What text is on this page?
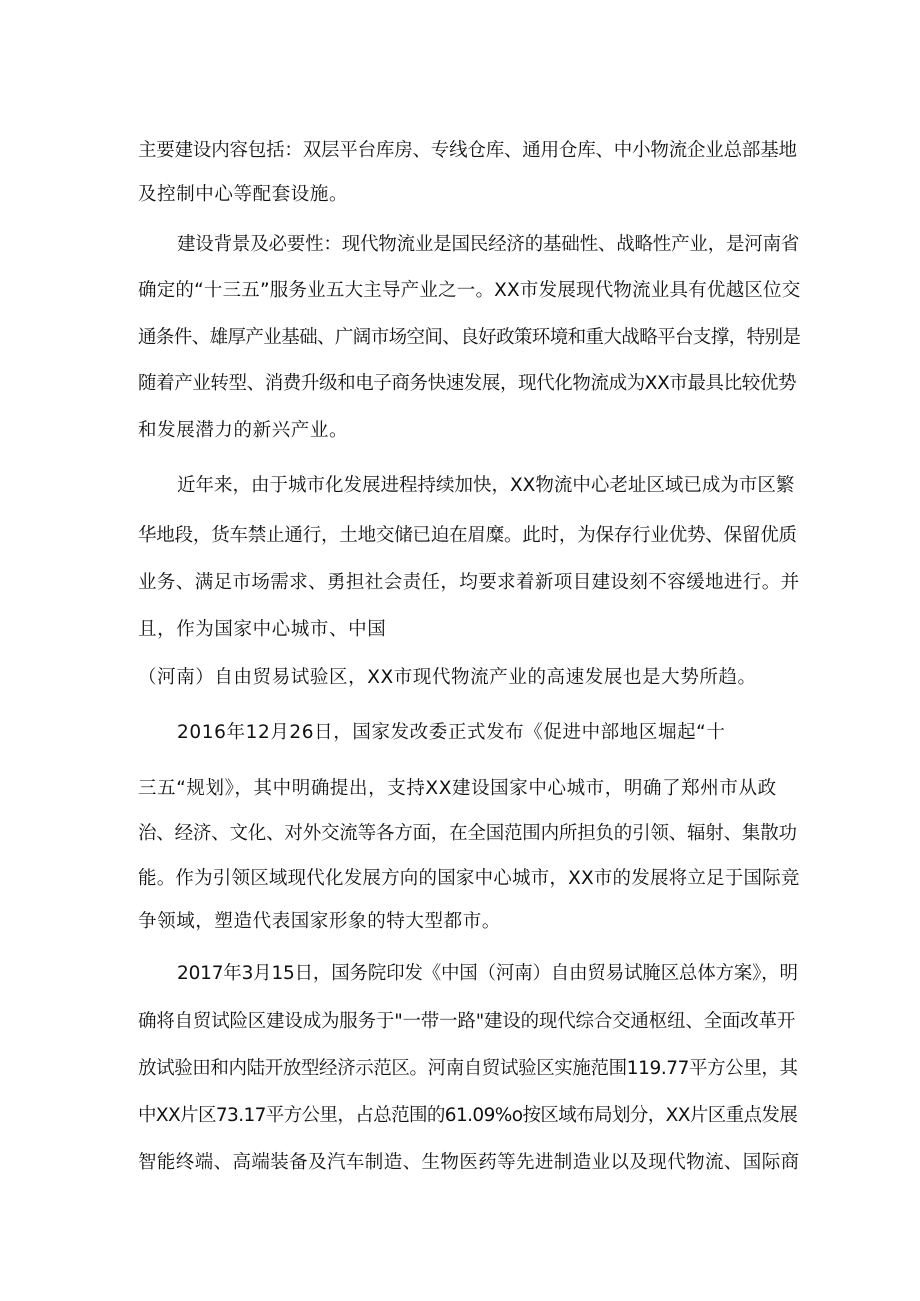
主要建设内容包括：双层平台库房、专线仓库、通用仓库、中小物流企业总部基地
及控制中心等配套设施。
建设背景及必要性：现代物流业是国民经济的基础性、战略性产业，是河南省
确定的“十三五”服务业五大主导产业之一。XX市发展现代物流业具有优越区位交
通条件、雄厚产业基础、广阔市场空间、良好政策环境和重大战略平台支撑，特别是
随着产业转型、消费升级和电子商务快速发展，现代化物流成为XX市最具比较优势
和发展潜力的新兴产业。
近年来，由于城市化发展进程持续加快，XX物流中心老址区域已成为市区繁
华地段，货车禁止通行，土地交储已迫在眉糜。此时，为保存行业优势、保留优质
业务、满足市场需求、勇担社会责任，均要求着新项目建设刻不容缓地进行。并
且，作为国家中心城市、中国
（河南）自由贸易试验区，XX市现代物流产业的高速发展也是大势所趋。
2016年12月26日，国家发改委正式发布《促进中部地区堀起“十
三五“规划》，其中明确提出，支持XX建设国家中心城市，明确了郑州市从政
治、经济、文化、对外交流等各方面，在全国范围内所担负的引领、辐射、集散功
能。作为引领区域现代化发展方向的国家中心城市，XX市的发展将立足于国际竞
争领域，塑造代表国家形象的特大型都市。
2017年3月15日，国务院印发《中国（河南）自由贸易试腌区总体方案》，明
确将自贸试险区建设成为服务于"一带一路"建设的现代综合交通枢纽、全面改革开
放试验田和内陆开放型经济示范区。河南自贸试验区实施范围119.77平方公里，其
中XX片区73.17平方公里，占总范围的61.09%o按区域布局划分，XX片区重点发展
智能终端、高端装备及汽车制造、生物医药等先进制造业以及现代物流、国际商
